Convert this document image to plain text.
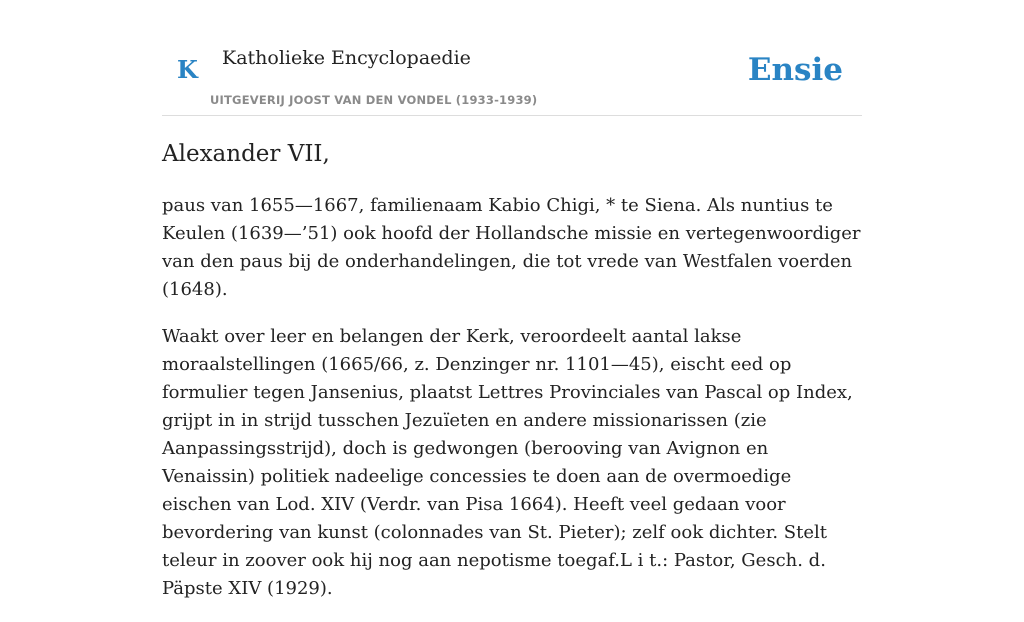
K Katholieke Encyclopaedie
UITGEVERIJ JOOST VAN DEN VONDEL (1933-1939)
Ensie
Alexander VII,

paus van 1655—1667, familienaam Kabio Chigi, * te Siena. Als nuntius te Keulen (1639—’51) ook hoofd der Hollandsche missie en vertegenwoordiger van den paus bij de onderhandelingen, die tot vrede van Westfalen voerden (1648).

Waakt over leer en belangen der Kerk, veroordeelt aantal lakse moraalstellingen (1665/66, z. Denzinger nr. 1101—45), eischt eed op formulier tegen Jansenius, plaatst Lettres Provinciales van Pascal op Index, grijpt in in strijd tusschen Jezuïeten en andere missionarissen (zie Aanpassingsstrijd), doch is gedwongen (berooving van Avignon en Venaissin) politiek nadeelige concessies te doen aan de overmoedige eischen van Lod. XIV (Verdr. van Pisa 1664). Heeft veel gedaan voor bevordering van kunst (colonnades van St. Pieter); zelf ook dichter. Stelt teleur in zoover ook hij nog aan nepotisme toegaf.L i t.: Pastor, Gesch. d. Päpste XIV (1929).
